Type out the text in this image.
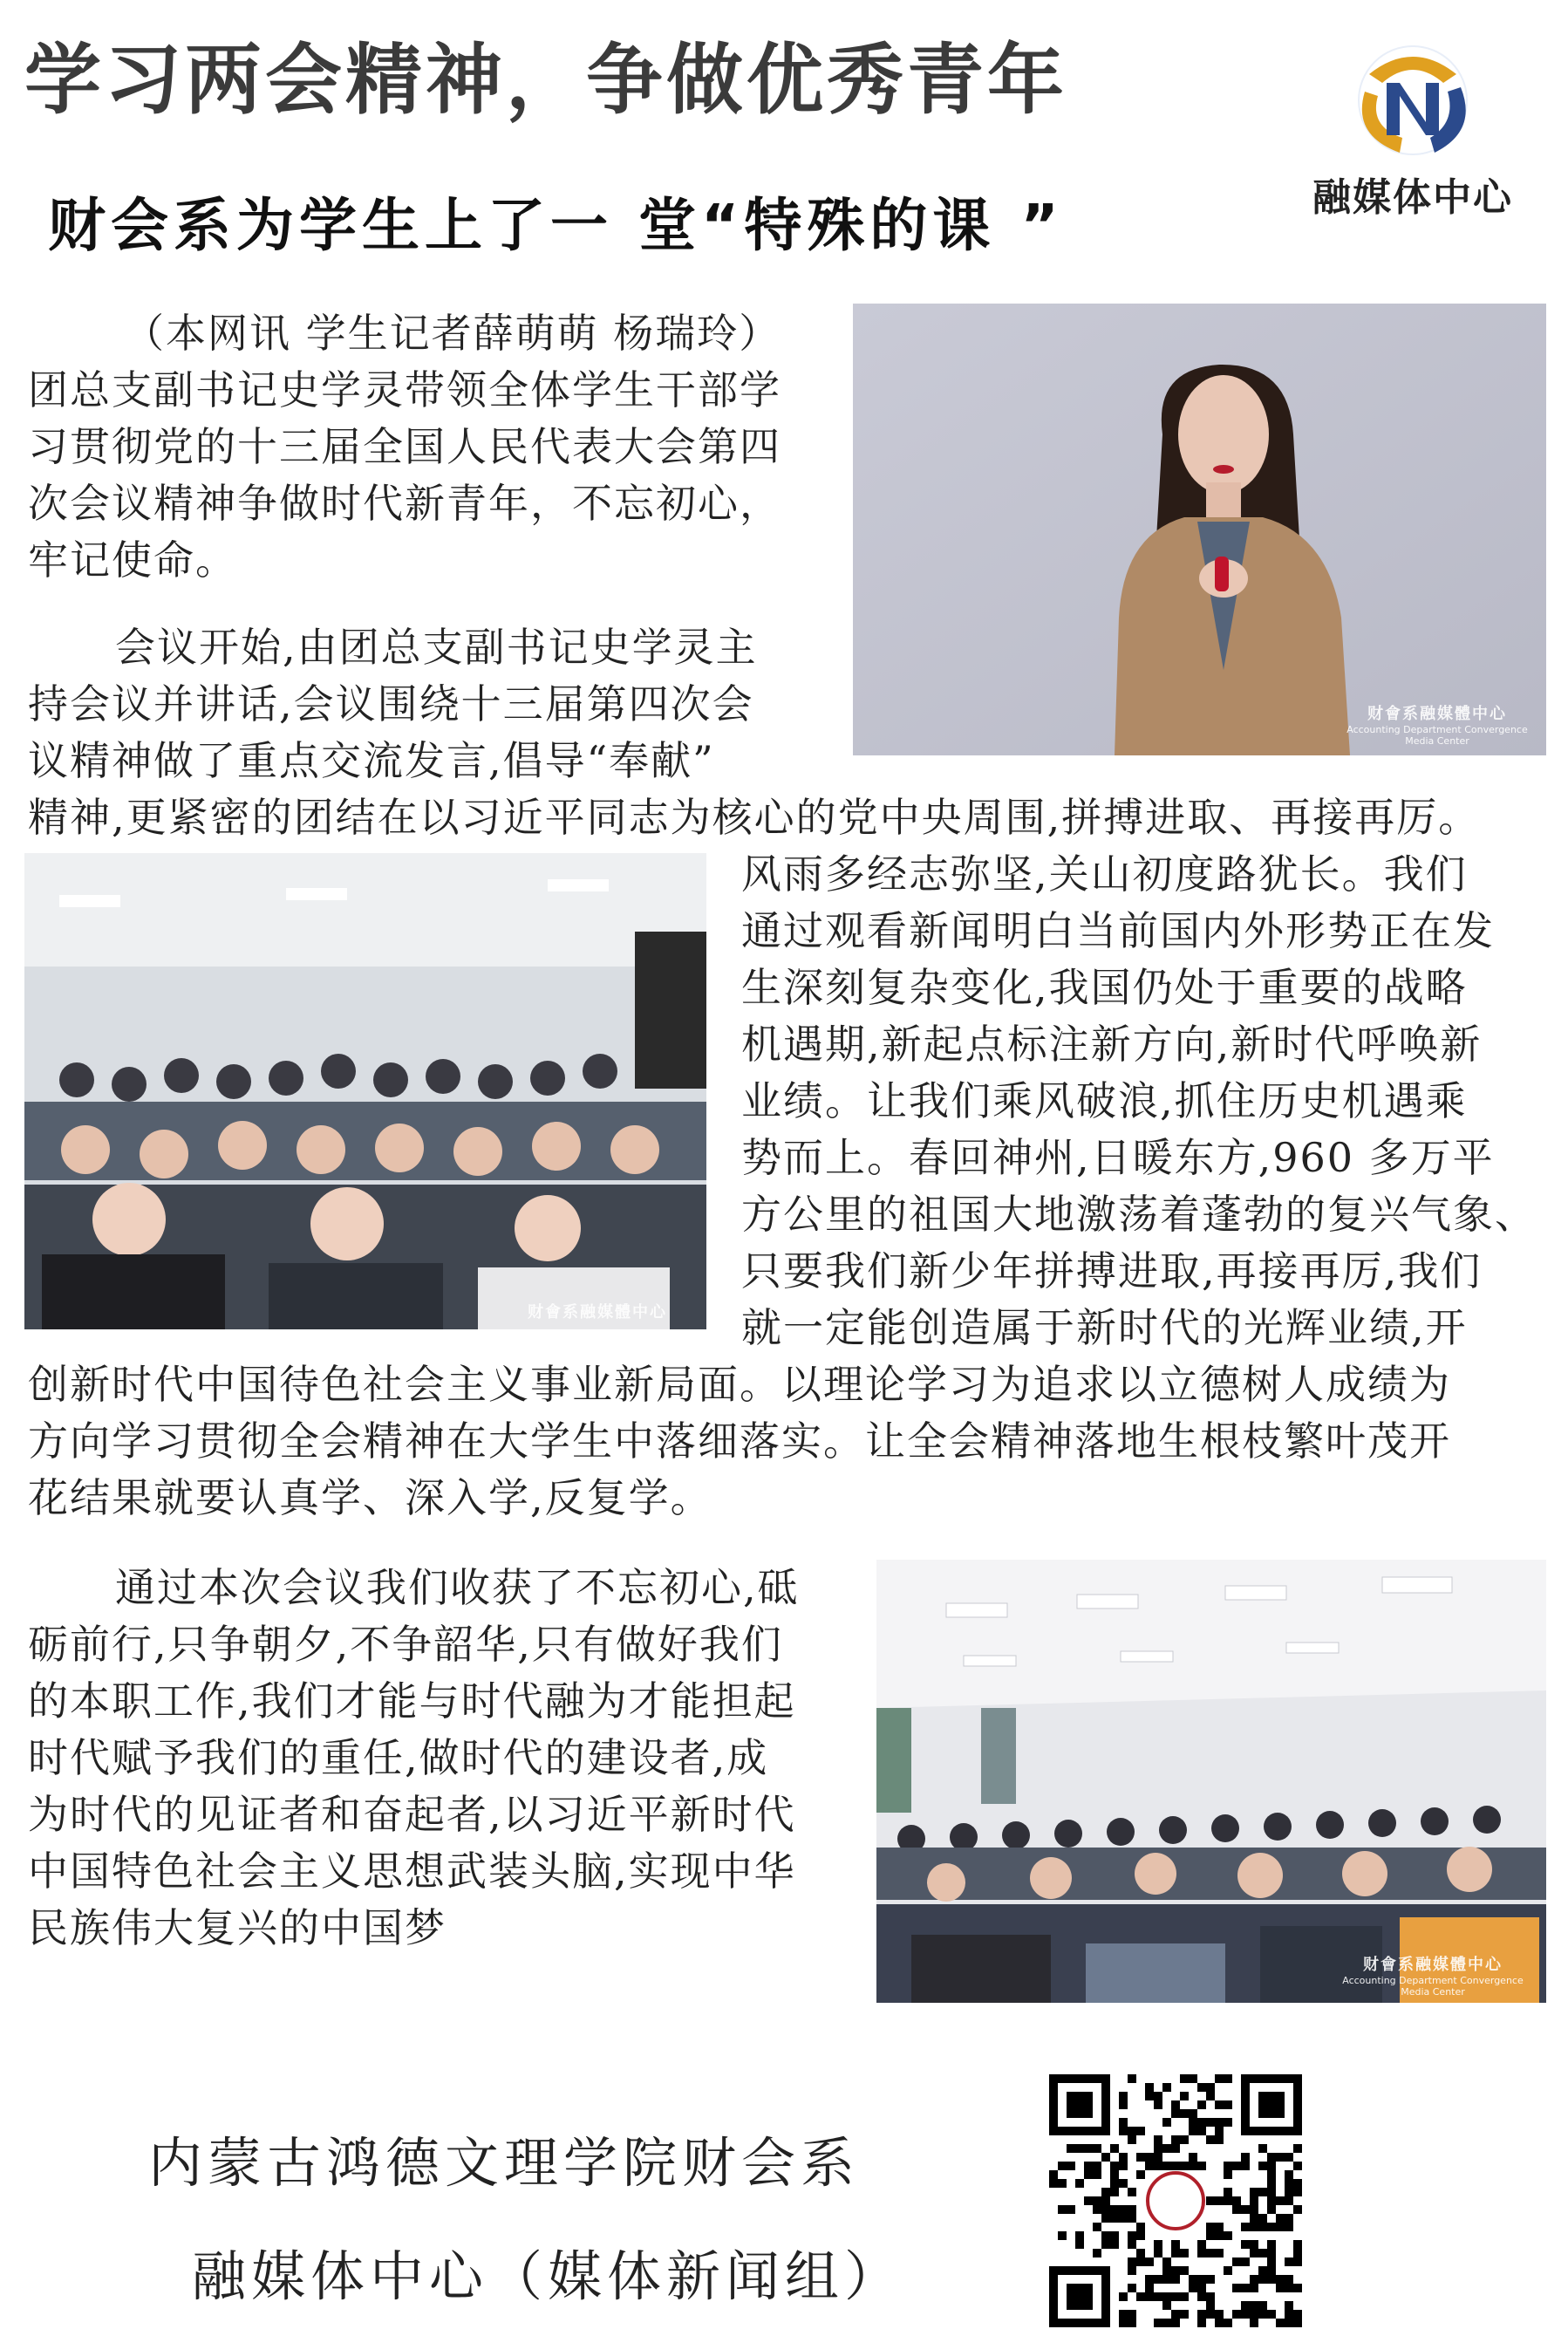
学习两会精神，争做优秀青年
财会系为学生上了一 堂“特殊的课 ”	融媒体中心
财會系融媒體中心
Accounting Department Convergence Media Center
财會系融媒體中心
财會系融媒體中心
Accounting Department Convergence Media Center
（本网讯 学生记者薛萌萌 杨瑞玲）
团总支副书记史学灵带领全体学生干部学
习贯彻党的十三届全国人民代表大会第四
次会议精神争做时代新青年，不忘初心，
牢记使命。
会议开始,由团总支副书记史学灵主
持会议并讲话,会议围绕十三届第四次会
议精神做了重点交流发言,倡导“奉献”
精神,更紧密的团结在以习近平同志为核心的党中央周围,拼搏进取、再接再厉。
风雨多经志弥坚,关山初度路犹长。我们
通过观看新闻明白当前国内外形势正在发
生深刻复杂变化,我国仍处于重要的战略
机遇期,新起点标注新方向,新时代呼唤新
业绩。让我们乘风破浪,抓住历史机遇乘
势而上。春回神州,日暖东方,960 多万平
方公里的祖国大地激荡着蓬勃的复兴气象、
只要我们新少年拼搏进取,再接再厉,我们
就一定能创造属于新时代的光辉业绩,开
创新时代中国待色社会主义事业新局面。以理论学习为追求以立德树人成绩为
方向学习贯彻全会精神在大学生中落细落实。让全会精神落地生根枝繁叶茂开
花结果就要认真学、深入学,反复学。
通过本次会议我们收获了不忘初心,砥
砺前行,只争朝夕,不争韶华,只有做好我们
的本职工作,我们才能与时代融为才能担起
时代赋予我们的重任,做时代的建设者,成
为时代的见证者和奋起者,以习近平新时代
中国特色社会主义思想武装头脑,实现中华
民族伟大复兴的中国梦
内蒙古鸿德文理学院财会系
融媒体中心（媒体新闻组）
